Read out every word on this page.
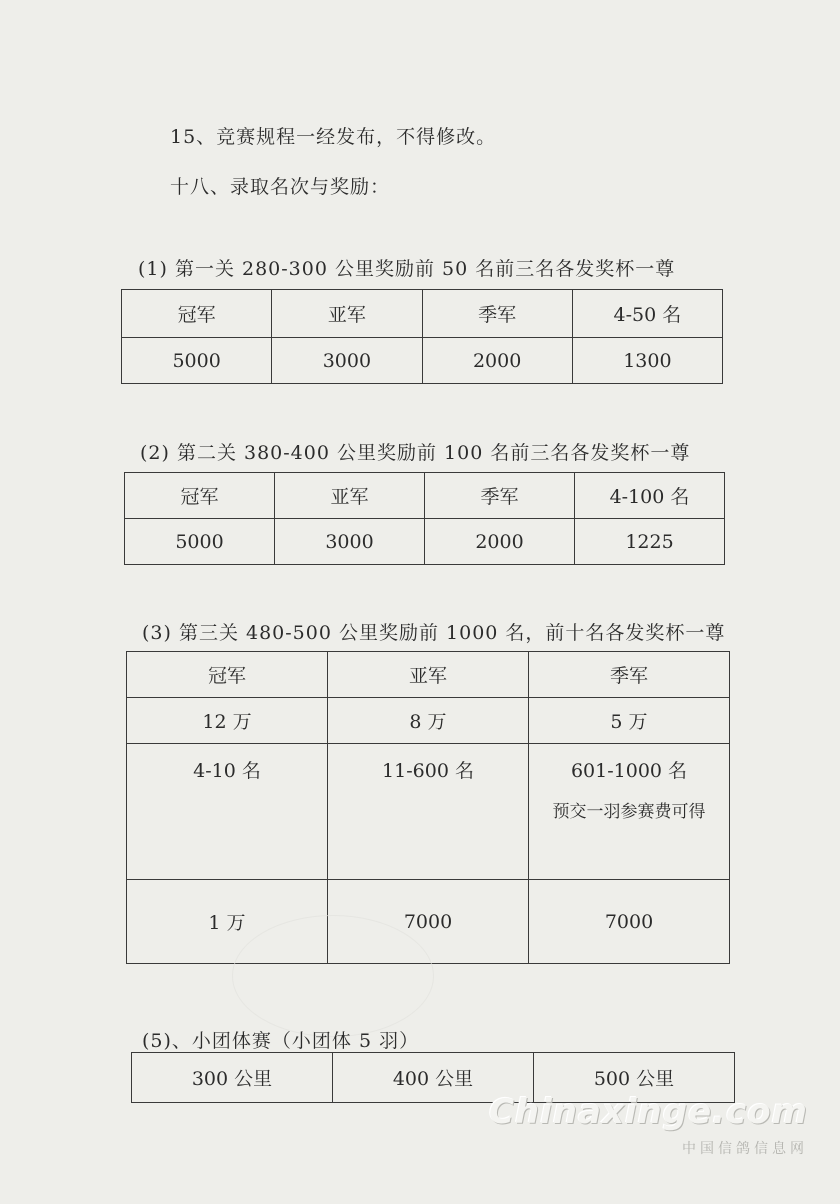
15、竞赛规程一经发布，不得修改。
十八、录取名次与奖励：
(1) 第一关 280-300 公里奖励前 50 名前三名各发奖杯一尊
冠军	亚军	季军	4-50 名
5000	3000	2000	1300
(2) 第二关 380-400 公里奖励前 100 名前三名各发奖杯一尊
冠军	亚军	季军	4-100 名
5000	3000	2000	1225
(3) 第三关 480-500 公里奖励前 1000 名，前十名各发奖杯一尊
冠军	亚军	季军
12 万	8 万	5 万
4-10 名	11-600 名	601-1000 名
预交一羽参赛费可得

1 万	7000	7000
(5)、小团体赛（小团体 5 羽）
300 公里	400 公里	500 公里
Chinaxinge.com
中国信鸽信息网
